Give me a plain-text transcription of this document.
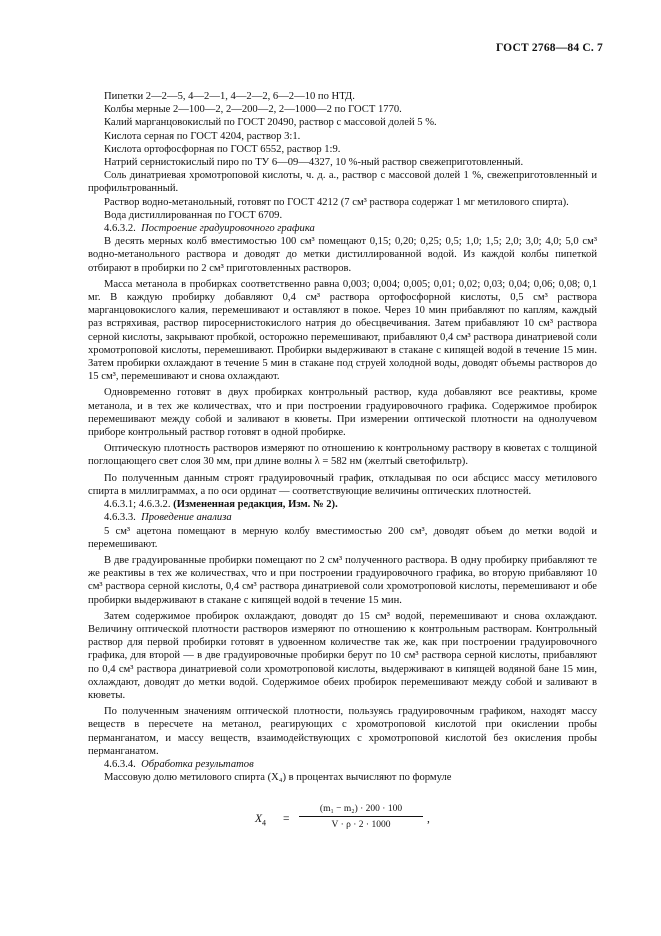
ГОСТ 2768—84 С. 7

Пипетки 2—2—5, 4—2—1, 4—2—2, 6—2—10 по НТД.

Колбы мерные 2—100—2, 2—200—2, 2—1000—2 по ГОСТ 1770.

Калий марганцовокислый по ГОСТ 20490, раствор с массовой долей 5 %.

Кислота серная по ГОСТ 4204, раствор 3:1.

Кислота ортофосфорная по ГОСТ 6552, раствор 1:9.

Натрий сернистокислый пиро по ТУ 6—09—4327, 10 %-ный раствор свежеприготовленный.

Соль динатриевая хромотроповой кислоты, ч. д. а., раствор с массовой долей 1 %, свежеприготовленный и профильтрованный.

Раствор водно-метанольный, готовят по ГОСТ 4212 (7 см³ раствора содержат 1 мг метилового спирта).

Вода дистиллированная по ГОСТ 6709.

4.6.3.2. Построение градуировочного графика

В десять мерных колб вместимостью 100 см³ помещают 0,15; 0,20; 0,25; 0,5; 1,0; 1,5; 2,0; 3,0; 4,0; 5,0 см³ водно-метанольного раствора и доводят до метки дистиллированной водой. Из каждой колбы пипеткой отбирают в пробирки по 2 см³ приготовленных растворов.

Масса метанола в пробирках соответственно равна 0,003; 0,004; 0,005; 0,01; 0,02; 0,03; 0,04; 0,06; 0,08; 0,1 мг. В каждую пробирку добавляют 0,4 см³ раствора ортофосфорной кислоты, 0,5 см³ раствора марганцовокислого калия, перемешивают и оставляют в покое. Через 10 мин прибавляют по каплям, каждый раз встряхивая, раствор пиросернистокислого натрия до обесцвечивания. Затем прибавляют 10 см³ раствора серной кислоты, закрывают пробкой, осторожно перемешивают, прибавляют 0,4 см³ раствора динатриевой соли хромотроповой кислоты, перемешивают. Пробирки выдерживают в стакане с кипящей водой в течение 15 мин. Затем пробирки охлаждают в течение 5 мин в стакане под струей холодной воды, доводят объемы растворов до 15 см³, перемешивают и снова охлаждают.

Одновременно готовят в двух пробирках контрольный раствор, куда добавляют все реактивы, кроме метанола, и в тех же количествах, что и при построении градуировочного графика. Содержимое пробирок перемешивают между собой и заливают в кюветы. При измерении оптической плотности на однолучевом приборе контрольный раствор готовят в одной пробирке.

Оптическую плотность растворов измеряют по отношению к контрольному раствору в кюветах с толщиной поглощающего свет слоя 30 мм, при длине волны λ = 582 нм (желтый светофильтр).

По полученным данным строят градуировочный график, откладывая по оси абсцисс массу метилового спирта в миллиграммах, а по оси ординат — соответствующие величины оптических плотностей.

4.6.3.1; 4.6.3.2. (Измененная редакция, Изм. № 2).

4.6.3.3. Проведение анализа

5 см³ ацетона помещают в мерную колбу вместимостью 200 см³, доводят объем до метки водой и перемешивают.

В две градуированные пробирки помещают по 2 см³ полученного раствора. В одну пробирку прибавляют те же реактивы в тех же количествах, что и при построении градуировочного графика, во вторую прибавляют 10 см³ раствора серной кислоты, 0,4 см³ раствора динатриевой соли хромотроповой кислоты, перемешивают и обе пробирки выдерживают в стакане с кипящей водой в течение 15 мин.

Затем содержимое пробирок охлаждают, доводят до 15 см³ водой, перемешивают и снова охлаждают. Величину оптической плотности растворов измеряют по отношению к контрольным растворам. Контрольный раствор для первой пробирки готовят в удвоенном количестве так же, как при построении градуировочного графика, для второй — в две градуировочные пробирки берут по 10 см³ раствора серной кислоты, прибавляют по 0,4 см³ раствора динатриевой соли хромотроповой кислоты, выдерживают в кипящей водяной бане 15 мин, охлаждают, доводят до метки водой. Содержимое обеих пробирок перемешивают между собой и заливают в кюветы.

По полученным значениям оптической плотности, пользуясь градуировочным графиком, находят массу веществ в пересчете на метанол, реагирующих с хромотроповой кислотой при окислении пробы перманганатом, и массу веществ, взаимодействующих с хромотроповой кислотой без окисления пробы перманганатом.

4.6.3.4. Обработка результатов

Массовую долю метилового спирта (X₄) в процентах вычисляют по формуле

$X_4$ =
(m₁ − m₂) · 200 · 100
V · ρ · 2 · 1000	,
